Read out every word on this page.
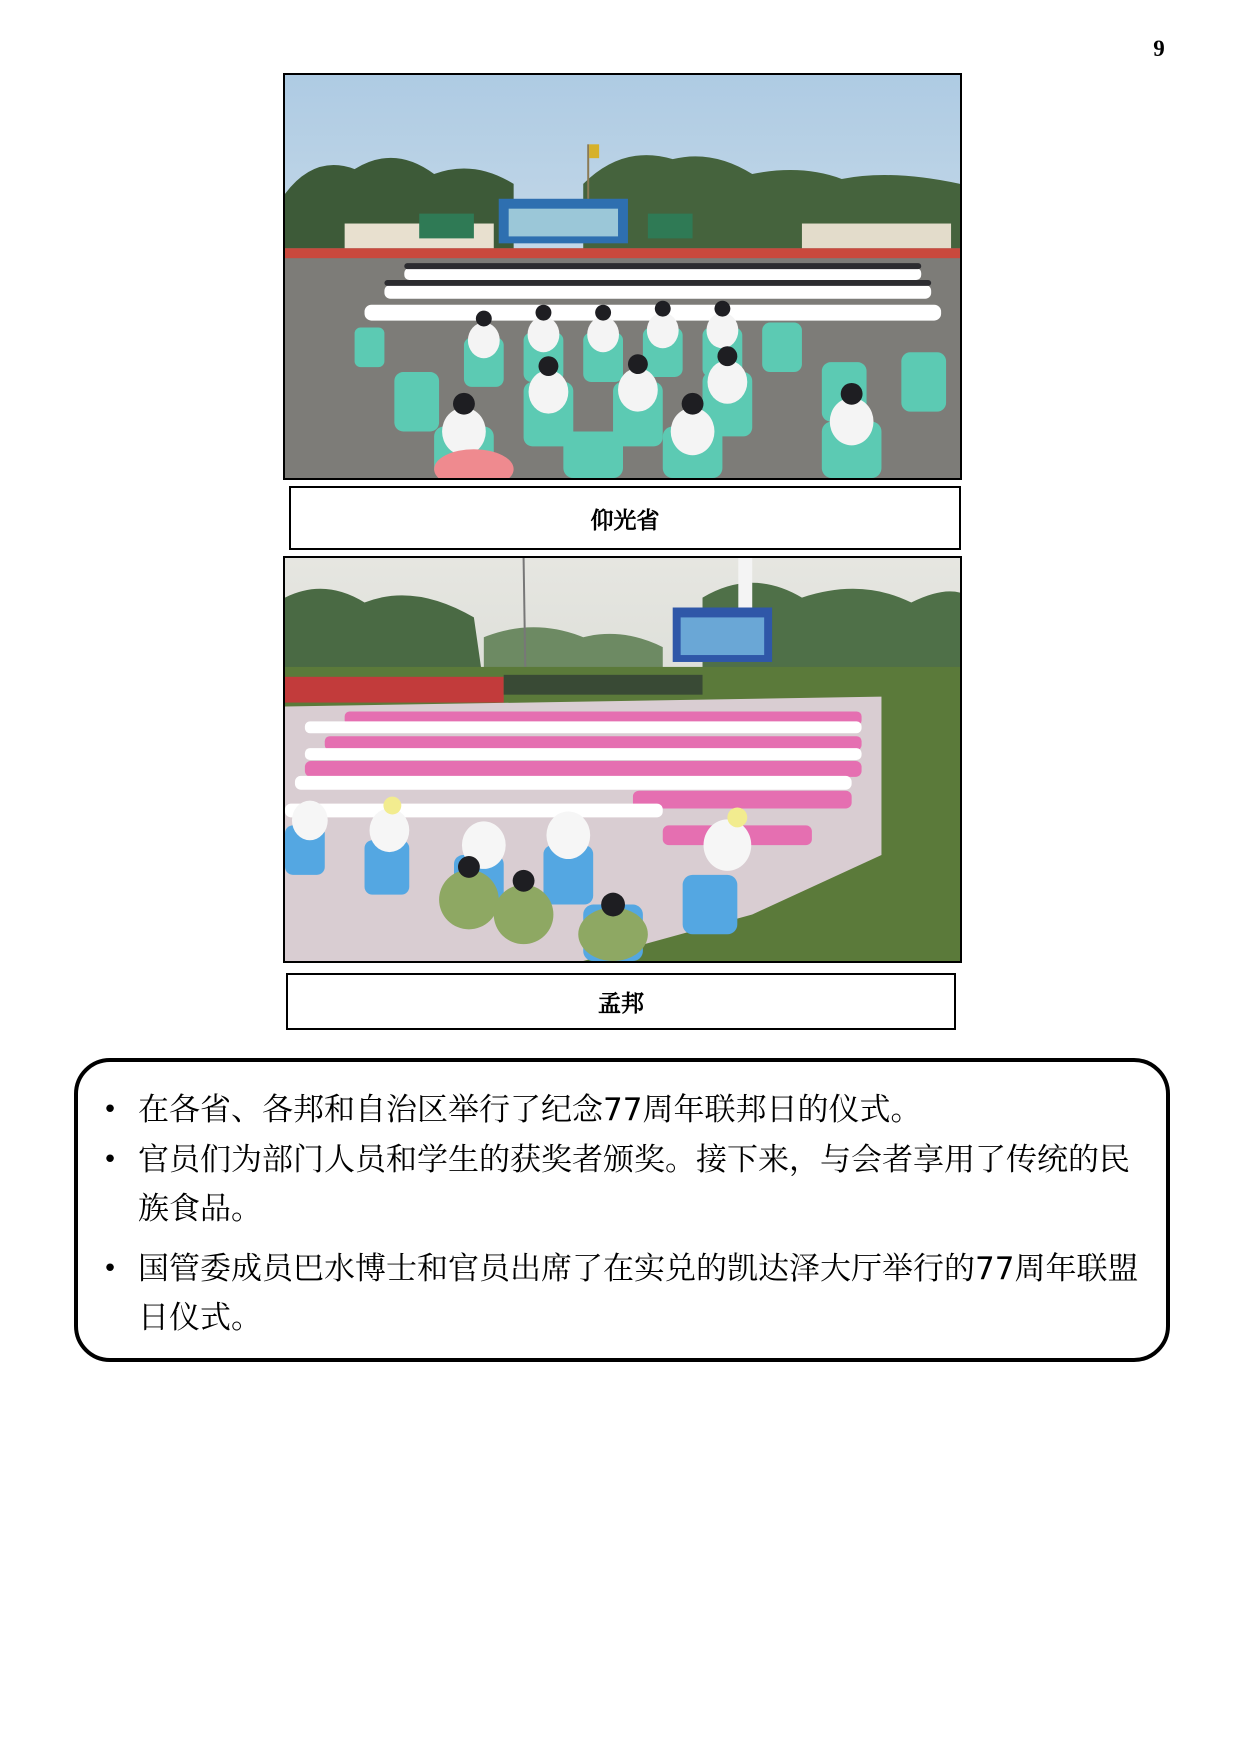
9
仰光省
孟邦
• 在各省、各邦和自治区举行了纪念77周年联邦日的仪式。
• 官员们为部门人员和学生的获奖者颁奖。接下来，与会者享用了传统的民族食品。
• 国管委成员巴水博士和官员出席了在实兑的凯达泽大厅举行的77周年联盟日仪式。
